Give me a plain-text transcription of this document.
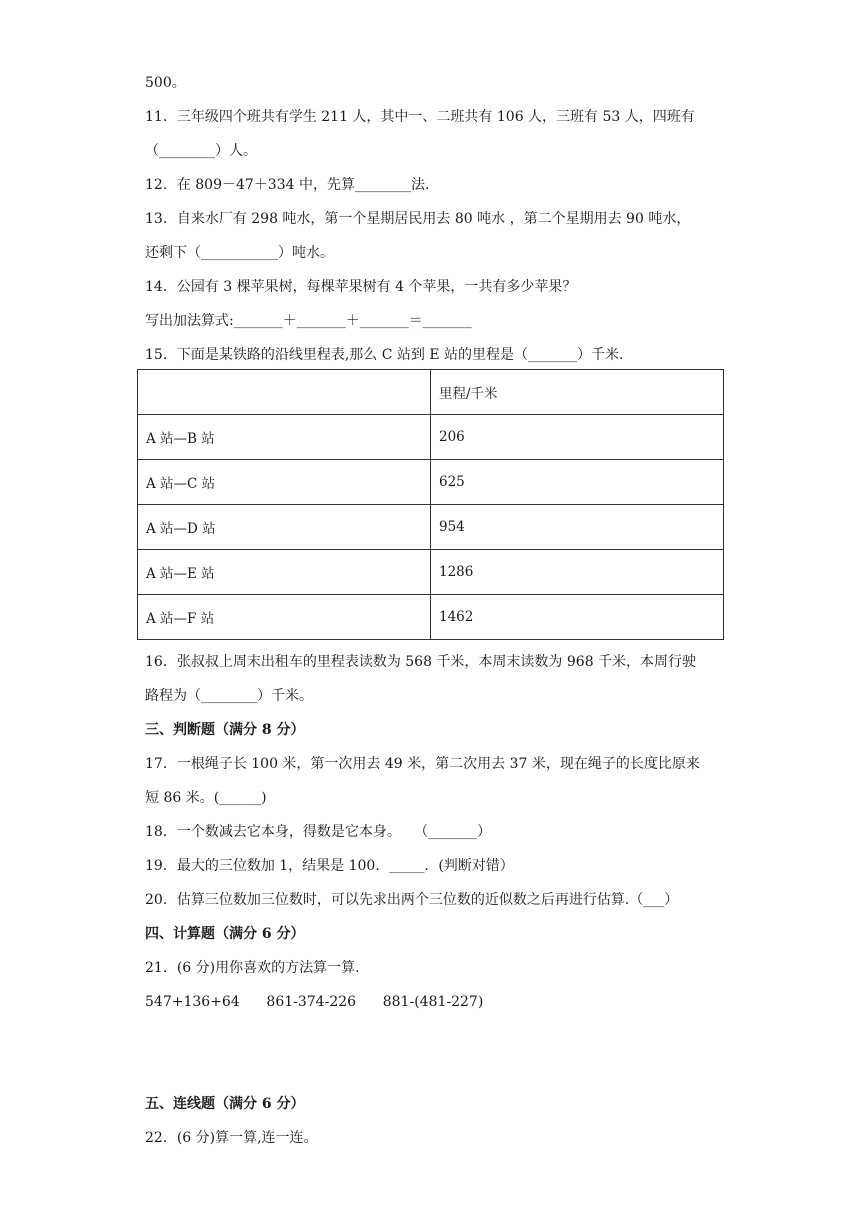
500。
11．三年级四个班共有学生 211 人，其中一、二班共有 106 人，三班有 53 人，四班有
（________）人。
12．在 809－47＋334 中，先算________法.
13．自来水厂有 298 吨水，第一个星期居民用去 80 吨水 ，第二个星期用去 90 吨水，
还剩下（___________）吨水。
14．公园有 3 棵苹果树，每棵苹果树有 4 个苹果，一共有多少苹果？
写出加法算式:_______＋_______＋_______＝_______
15．下面是某铁路的沿线里程表,那么 C 站到 E 站的里程是（_______）千米.
	里程/千米
A 站—B 站	206
A 站—C 站	625
A 站—D 站	954
A 站—E 站	1286
A 站—F 站	1462
16．张叔叔上周末出租车的里程表读数为 568 千米，本周末读数为 968 千米，本周行驶
路程为（________）千米。
三、判断题（满分 8 分）
17．一根绳子长 100 米，第一次用去 49 米，第二次用去 37 米，现在绳子的长度比原来
短 86 米。(______)
18．一个数减去它本身，得数是它本身。   （_______）
19．最大的三位数加 1，结果是 100．_____．(判断对错）
20．估算三位数加三位数时，可以先求出两个三位数的近似数之后再进行估算.（___）
四、计算题（满分 6 分）
21．(6 分)用你喜欢的方法算一算.
547+136+64      861-374-226      881-(481-227)
五、连线题（满分 6 分）
22．(6 分)算一算,连一连。
